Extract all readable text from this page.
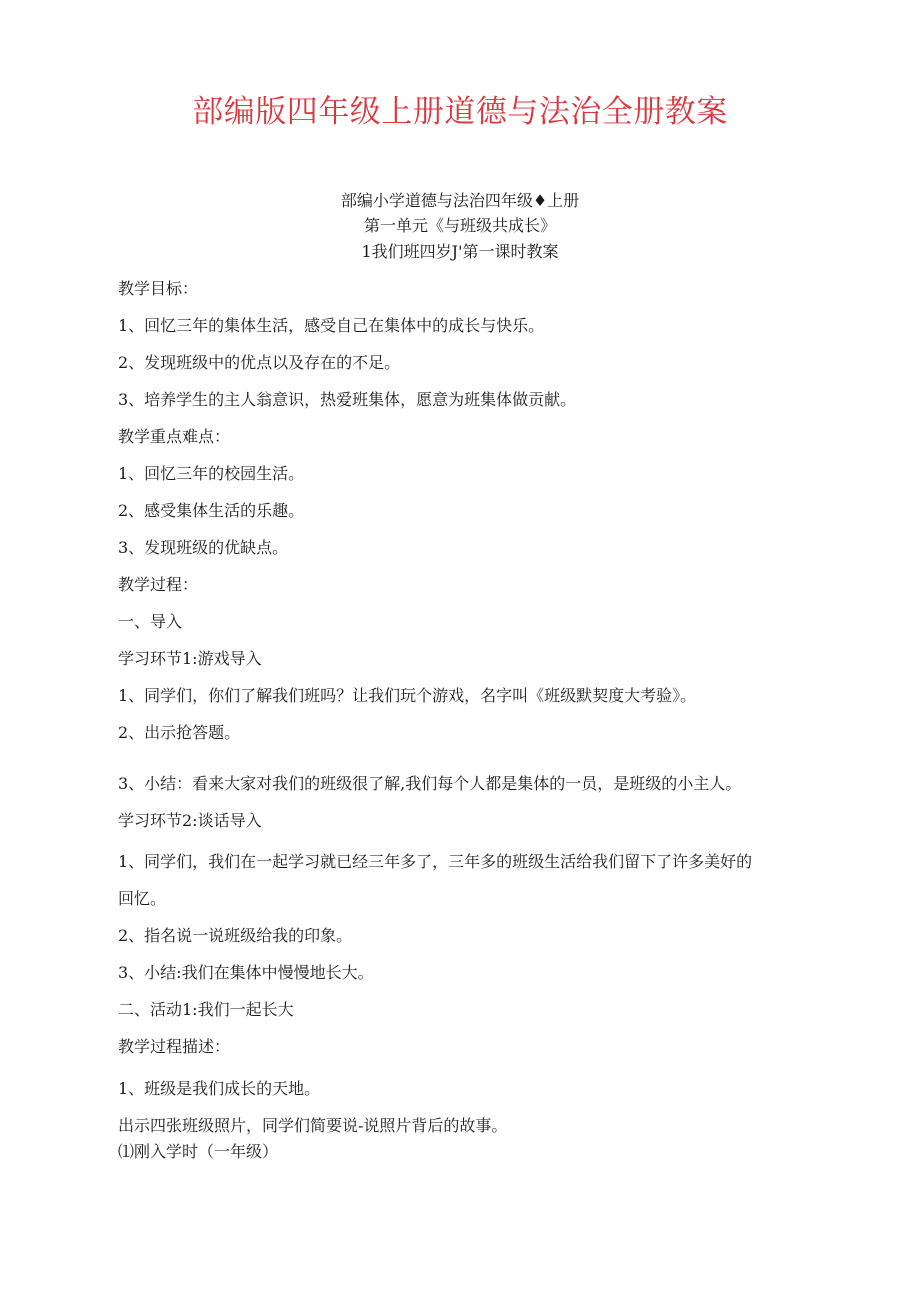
部编版四年级上册道德与法治全册教案
部编小学道德与法治四年级♦上册
第一单元《与班级共成长》
1我们班四岁J'第一课时教案
教学目标：
1、回忆三年的集体生活，感受自己在集体中的成长与快乐。
2、发现班级中的优点以及存在的不足。
3、培养学生的主人翁意识，热爱班集体，愿意为班集体做贡献。
教学重点难点：
1、回忆三年的校园生活。
2、感受集体生活的乐趣。
3、发现班级的优缺点。
教学过程：
一、导入
学习环节1:游戏导入
1、同学们，你们了解我们班吗？让我们玩个游戏，名字叫《班级默契度大考验》。
2、出示抢答题。
3、小结：看来大家对我们的班级很了解,我们每个人都是集体的一员，是班级的小主人。
学习环节2:谈话导入
1、同学们，我们在一起学习就已经三年多了，三年多的班级生活给我们留下了许多美好的
回忆。
2、指名说一说班级给我的印象。
3、小结:我们在集体中慢慢地长大。
二、活动1:我们一起长大
教学过程描述：
1、班级是我们成长的天地。
出示四张班级照片，同学们简要说-说照片背后的故事。
⑴刚入学时（一年级）
